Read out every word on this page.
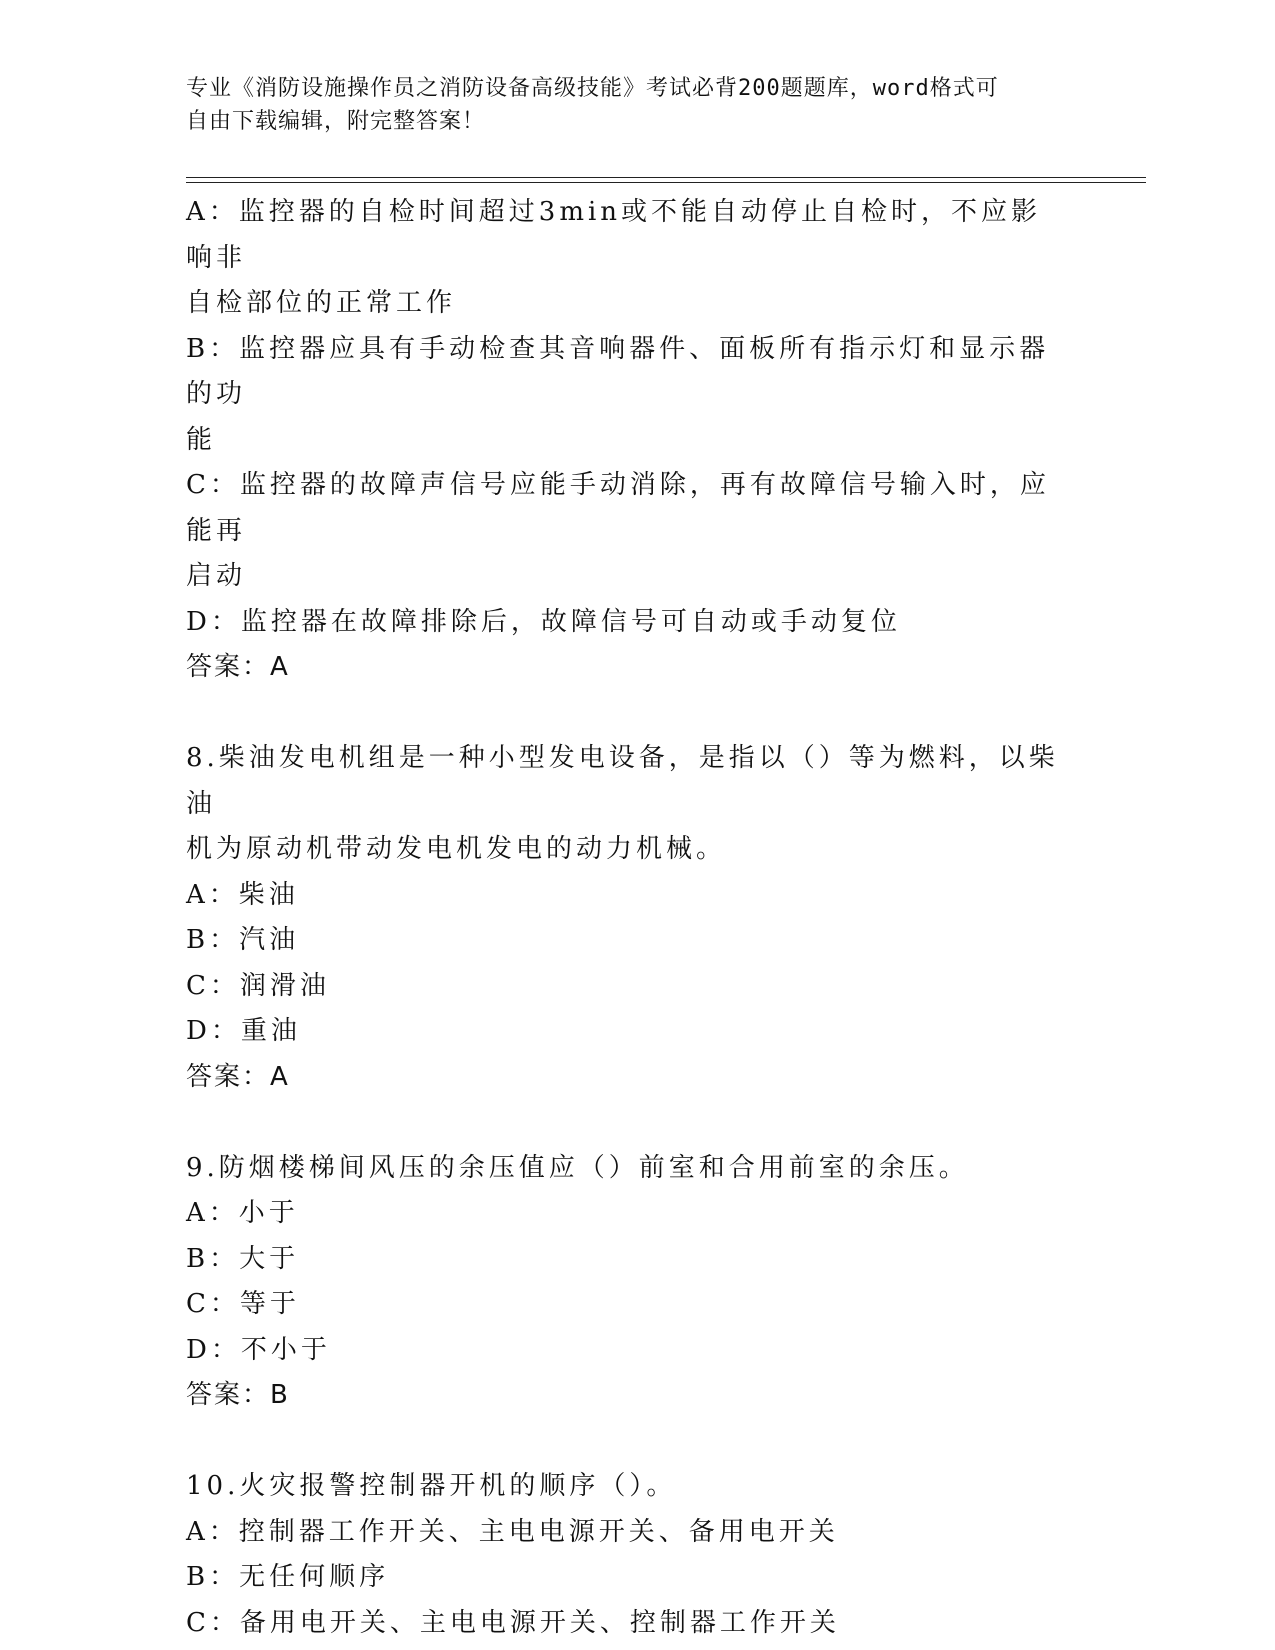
专业《消防设施操作员之消防设备高级技能》考试必背200题题库，word格式可

自由下载编辑，附完整答案！

A：监控器的自检时间超过3min或不能自动停止自检时，不应影响非

自检部位的正常工作

B：监控器应具有手动检查其音响器件、面板所有指示灯和显示器的功

能

C：监控器的故障声信号应能手动消除，再有故障信号输入时，应能再

启动

D：监控器在故障排除后，故障信号可自动或手动复位

答案：A

8.柴油发电机组是一种小型发电设备，是指以（）等为燃料，以柴油

机为原动机带动发电机发电的动力机械。

A：柴油

B：汽油

C：润滑油

D：重油

答案：A

9.防烟楼梯间风压的余压值应（）前室和合用前室的余压。

A：小于

B：大于

C：等于

D：不小于

答案：B

10.火灾报警控制器开机的顺序（）。

A：控制器工作开关、主电电源开关、备用电开关

B：无任何顺序

C：备用电开关、主电电源开关、控制器工作开关
